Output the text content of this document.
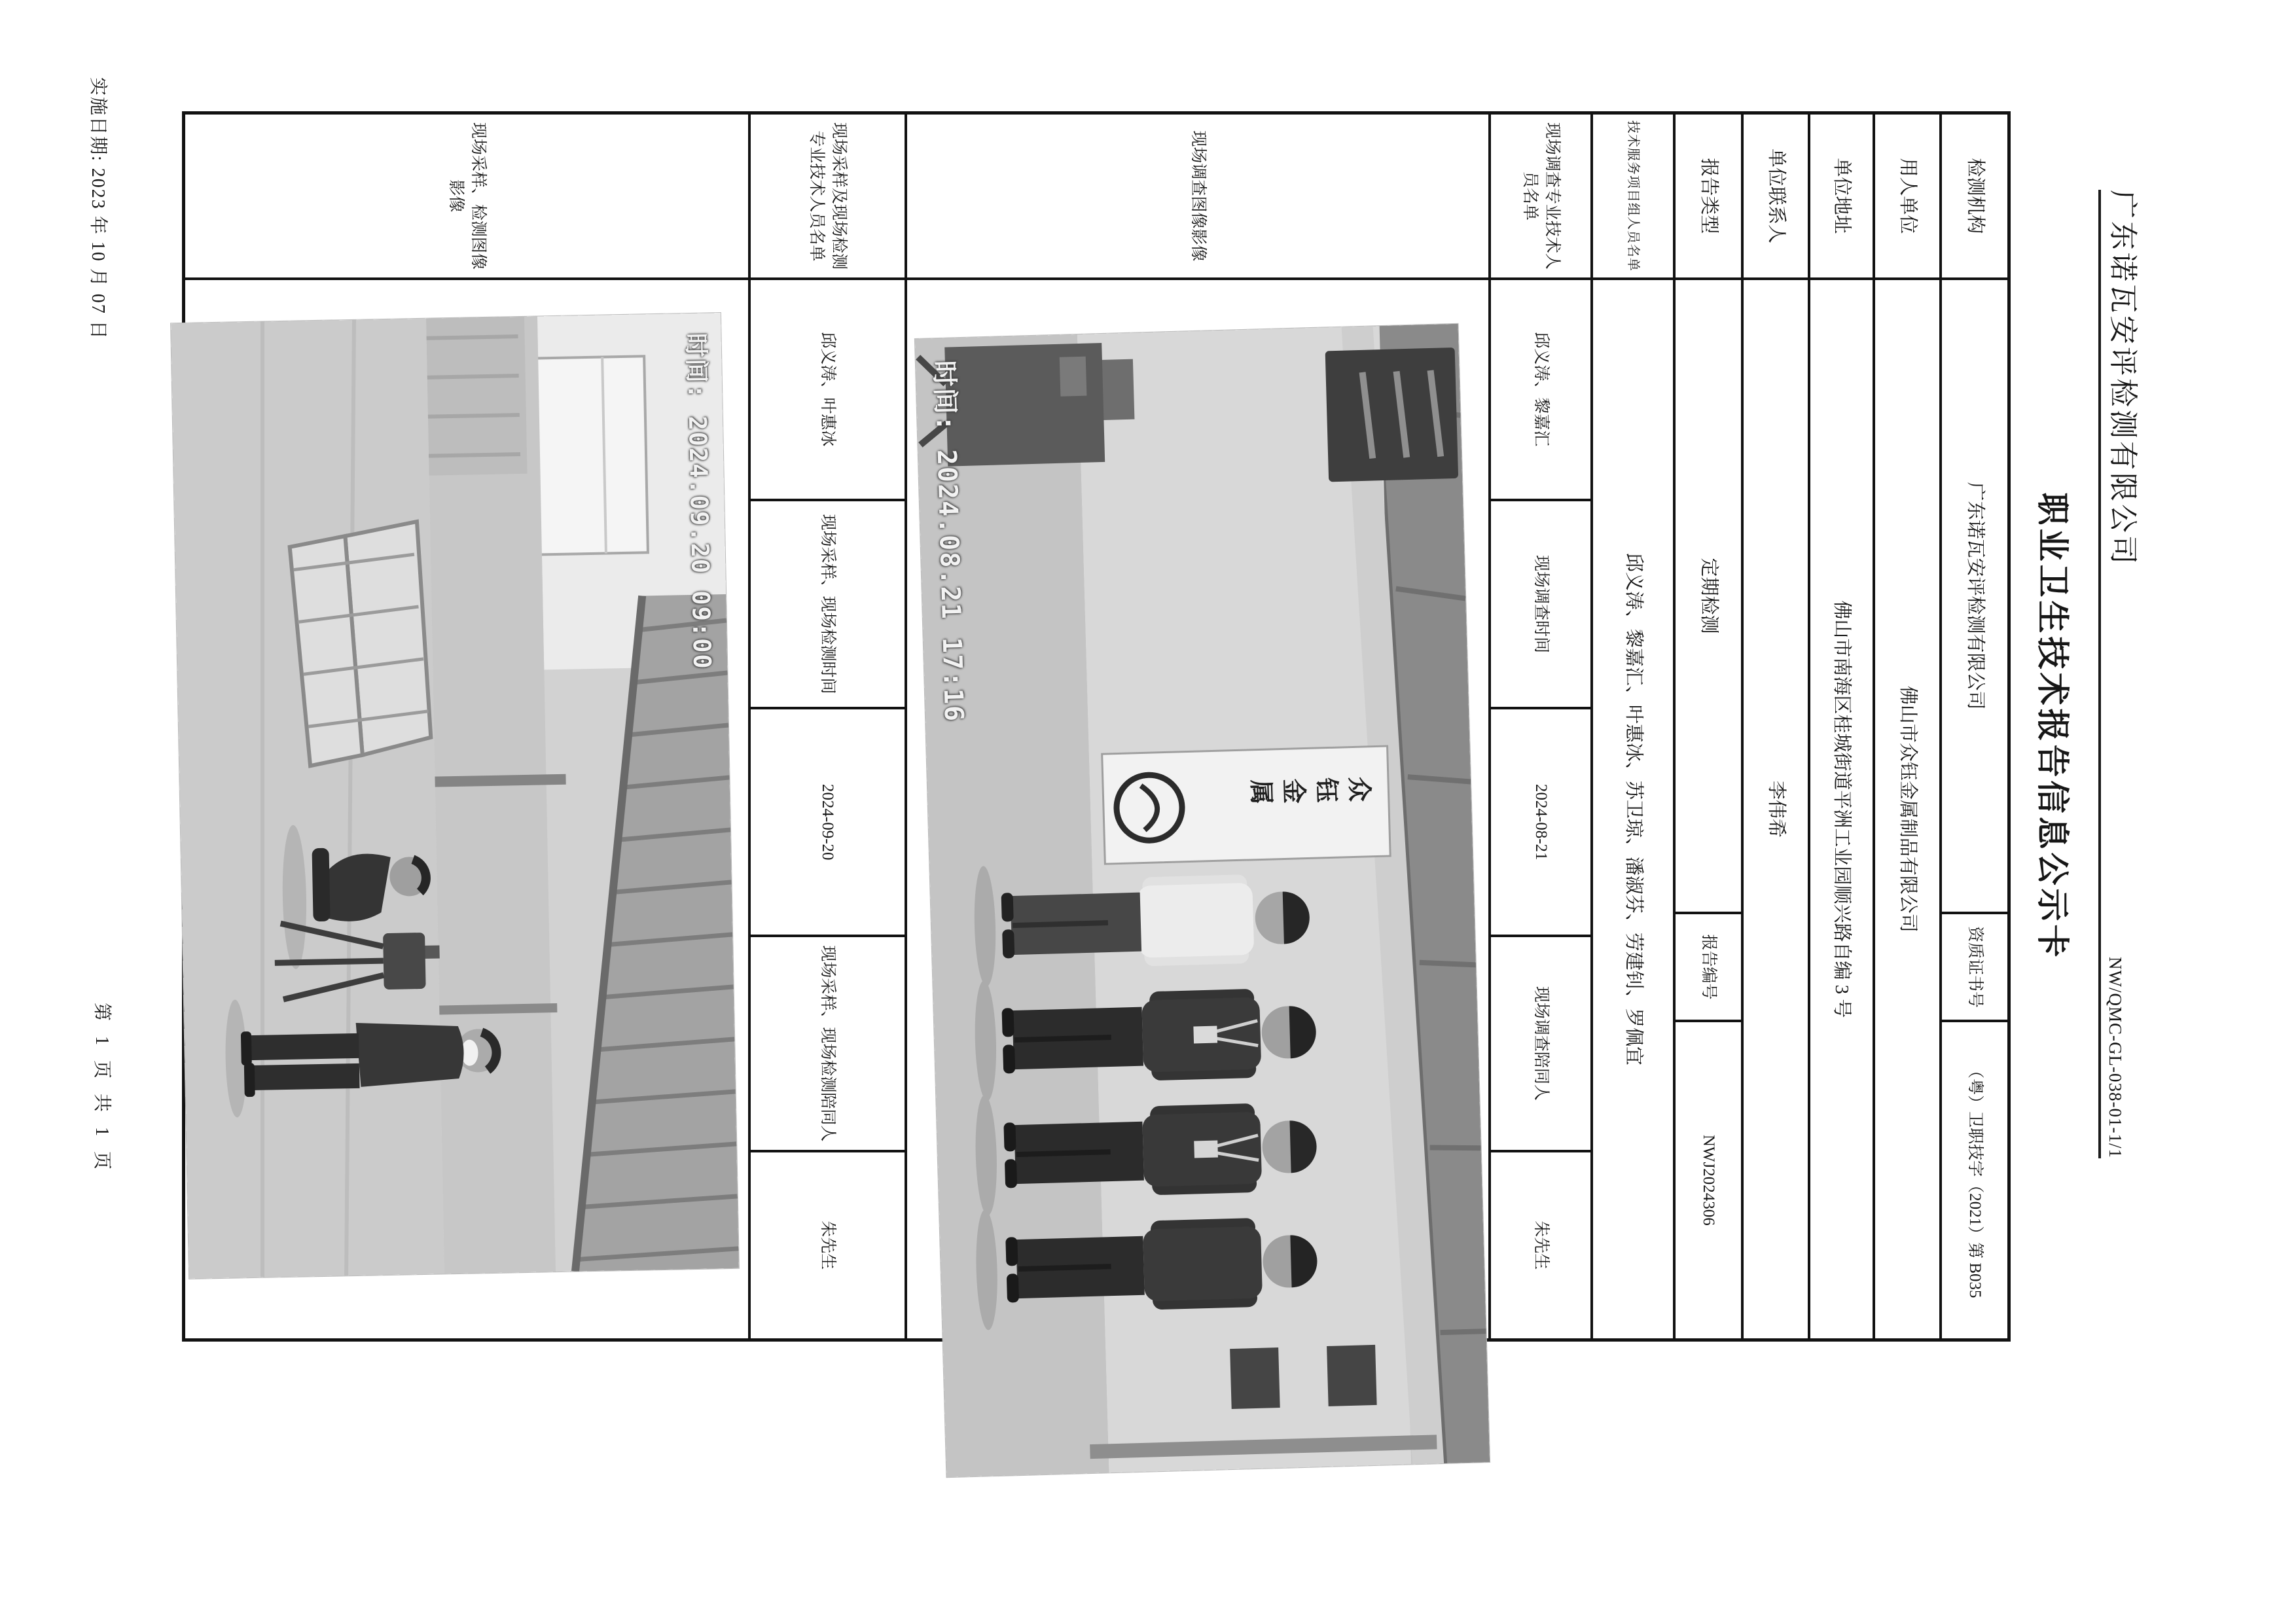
广东诺瓦安评检测有限公司
NW/QMC-GL-038-01-1/1
职业卫生技术报告信息公示卡
检测机构
广东诺瓦安评检测有限公司
资质证书号
（粤）卫职技字（2021）第 B035
用人单位
佛山市众钰金属制品有限公司
单位地址
佛山市南海区桂城街道平洲工业园顺兴路自编 3 号
单位联系人
李伟希
报告类型
定期检测
报告编号
NWJ2024306
技术服务项目组人员名单
邱义涛、黎嘉汇、叶惠冰、苏卫琼、潘淑芬、劳建钊、罗佩宜
现场调查专业技术人员名单
邱义涛、黎嘉汇
现场调查时间
2024-08-21
现场调查陪同人
朱先生
现场调查图像影像
众钰金属
时间: 2024.08.21 17:16
现场采样及现场检测专业技术人员名单
邱义涛、叶惠冰
现场采样、现场检测时间
2024-09-20
现场采样、现场检测陪同人
朱先生
现场采样、检测图像影像
时间: 2024.09.20 09:00
实施日期: 2023 年 10 月 07 日
第 1 页 共 1 页
